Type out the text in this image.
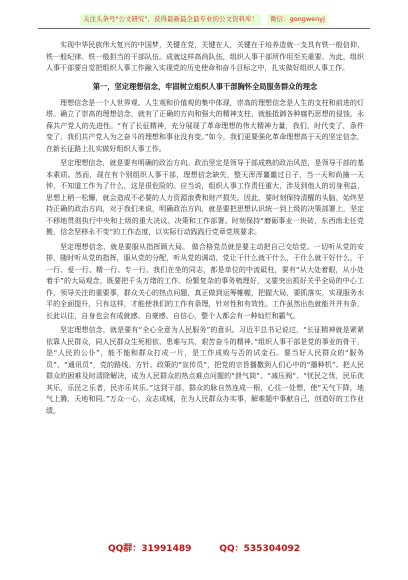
关注头条号"公文研究"，获得最新最全最专业的公文资料库！	微信：gongwenyj

实现中华民族伟大复兴的中国梦，关键在党，关键在人，关键在于培养造就一支具有铁一般信仰、铁一般纪律、铁一般担当的干部队伍。成就这样高尚队伍，组织人事干部所作用至关重要。为此，组织人事干部要自觉把组织人事工作融入实现党的历史使命和奋斗目标之中，扎实做好组织人事工作。

第一，坚定理想信念，牢固树立组织人事干部胸怀全局服务群众的理念

理想信念是一个人世界观、人生观和价值观的集中体现，崇高的理想信念是人生的支柱和前进的灯塔。确立了崇高的理想信念，就有了正确的方向和强大的精神支柱，就能抵御各种腐朽思想的侵蚀，永葆共产党人的先进性。“有了长征精神，充分展现了革命理想的伟大精神力量，我们，时代变了，条件变了，我们共产党人为之奋斗的理想和事业没有变。”如今，我们更要强化革命理想高于天的坚定信念，在新长征路上扎实做好组织人事工作。

坚定理想信念，就是要有明确的政治方向。政治坚定是领导干部成熟的政治风范，是领导干部的基本素质。然而，现在有个别组织人事干部，理想信念缺失，整天浑浑噩噩过日子，当一天和尚撞一天钟，不知道工作为了什么，这是很危险的。应当说，组织人事工作责任重大，涉及到他人的切身利益，思想上稍一松懈，就会造成不必要的人力资源浪费和财产损失。因此，要时刻保持清醒的头脑，始终坚持正确的政治方向，对于我们来说，明确政治方向，就是要把思想认识统一到上级的决策部署上，坚定不移地贯彻执行中央和上级的重大决议、决策和工作部署。时刻保持“磨砺事业一块砖，东西南北任党搬，信念坚移永不变”的工作态度，以实际行动践践行党章党规要求。

坚定理想信念，就是要服从指挥顾大局。 做合格党员就是要主动把自己交给党。一切听从党的安排，随时听从党的指挥，服从党的分配，听从党的调动，党让干什么就干什么，干什么就干好什么，干一行、爱一行、精一行、专一行。我们在坐的同志，都是单位的中流砥柱，要有“从大处着眼，从小处着手”的大局观念，既要把千头万绪的工作、纷繁复杂的事务梳理好，又要突出抓好关乎全局的中心工作，领导关注的重要事，群众关心的热点问题，真正做到运筹帷幄，把握大局，要抓落实，实现服务水平的全面提升，只有这样，才能使我们的工作有条理，针对性和有效性。工作虽然出色就能并并有条，长此以往，自身也会有成就感、自豪感、自信心，整个人都会有一种灿烂和霸气。

坚定理想信念，就是要有“全心全意为人民服务”的意识。习近平总书记说过，“长征精神就是紧紧依靠人民群众，同人民群众生死相依、患难与共、艰苦奋斗的精神。”组织人事干部是党的事业的骨干，是“人民的公仆”，能不能和群众打成一片，是工作成败与否的试金石。要当好人民群众的“服务员”、“通讯员”，党的路线、方针、政策的“宣传员”，把党的宗旨播撒到人们心中的“播种机”。把人民群众的困难及时清除解决，成为人民群众的热点难点问题的“泄气筒”、“减压阀”、“忧民之忧，民乐优其乐，乐民之乐者，民亦乐其乐。”这到干部，群众的脉自然连成一根，心往一处想，使“天气下降，地气上腾，天地和同。”万众一心，众志成城，在为人民群众办实事，解难题中事献自己，创造好的工作业绩。

QQ群：31991489	QQ：535304092
